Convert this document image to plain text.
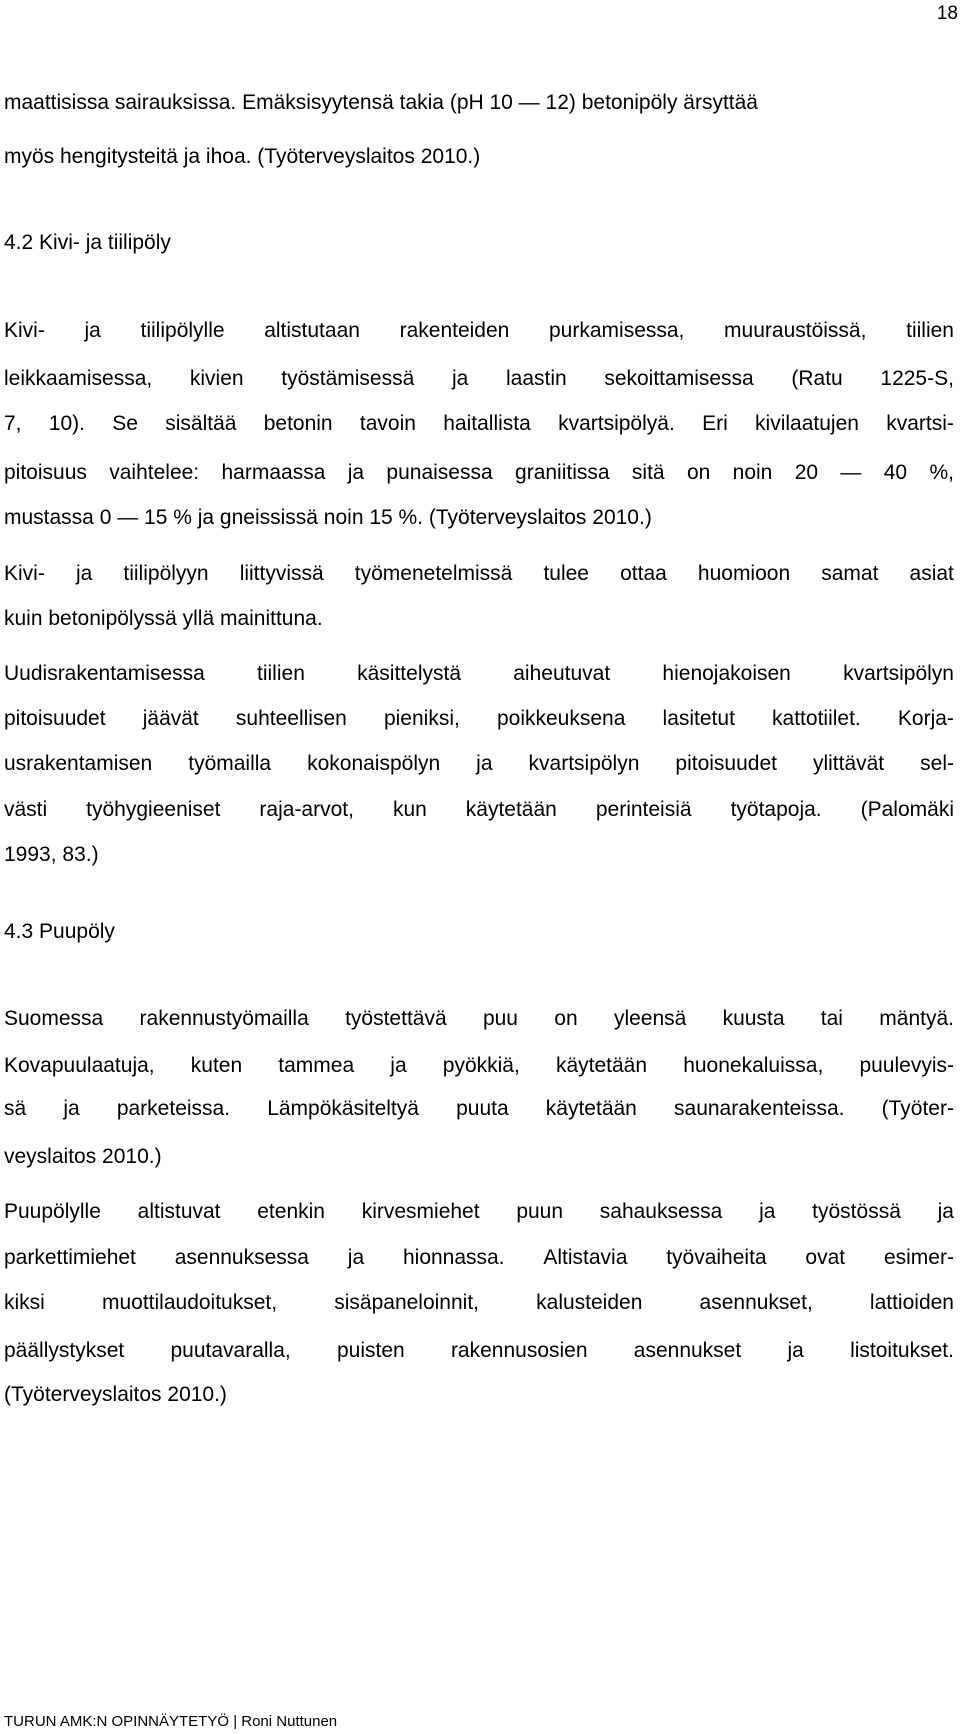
18
maattisissa sairauksissa. Emäksisyytensä takia (pH 10 — 12) betonipöly ärsyttää
myös hengitysteitä ja ihoa. (Työterveyslaitos 2010.)
4.2 Kivi- ja tiilipöly
Kivi- ja tiilipölylle altistutaan rakenteiden purkamisessa, muuraustöissä, tiilien
leikkaamisessa, kivien työstämisessä ja laastin sekoittamisessa (Ratu 1225-S,
7, 10). Se sisältää betonin tavoin haitallista kvartsipölyä. Eri kivilaatujen kvartsi-
pitoisuus vaihtelee: harmaassa ja punaisessa graniitissa sitä on noin 20 — 40 %,
mustassa 0 — 15 % ja gneississä noin 15 %. (Työterveyslaitos 2010.)
Kivi- ja tiilipölyyn liittyvissä työmenetelmissä tulee ottaa huomioon samat asiat
kuin betonipölyssä yllä mainittuna.
Uudisrakentamisessa tiilien käsittelystä aiheutuvat hienojakoisen kvartsipölyn
pitoisuudet jäävät suhteellisen pieniksi, poikkeuksena lasitetut kattotiilet. Korja-
usrakentamisen työmailla kokonaispölyn ja kvartsipölyn pitoisuudet ylittävät sel-
västi työhygieeniset raja-arvot, kun käytetään perinteisiä työtapoja. (Palomäki
1993, 83.)
4.3 Puupöly
Suomessa rakennustyömailla työstettävä puu on yleensä kuusta tai mäntyä.
Kovapuulaatuja, kuten tammea ja pyökkiä, käytetään huonekaluissa, puulevyis-
sä ja parketeissa. Lämpökäsiteltyä puuta käytetään saunarakenteissa. (Työter-
veyslaitos 2010.)
Puupölylle altistuvat etenkin kirvesmiehet puun sahauksessa ja työstössä ja
parkettimiehet asennuksessa ja hionnassa. Altistavia työvaiheita ovat esimer-
kiksi	muottilaudoitukset,	sisäpaneloinnit,	kalusteiden	asennukset,	lattioiden
päällystykset puutavaralla, puisten rakennusosien asennukset ja listoitukset.
(Työterveyslaitos 2010.)
TURUN AMK:N OPINNÄYTETYÖ | Roni Nuttunen
